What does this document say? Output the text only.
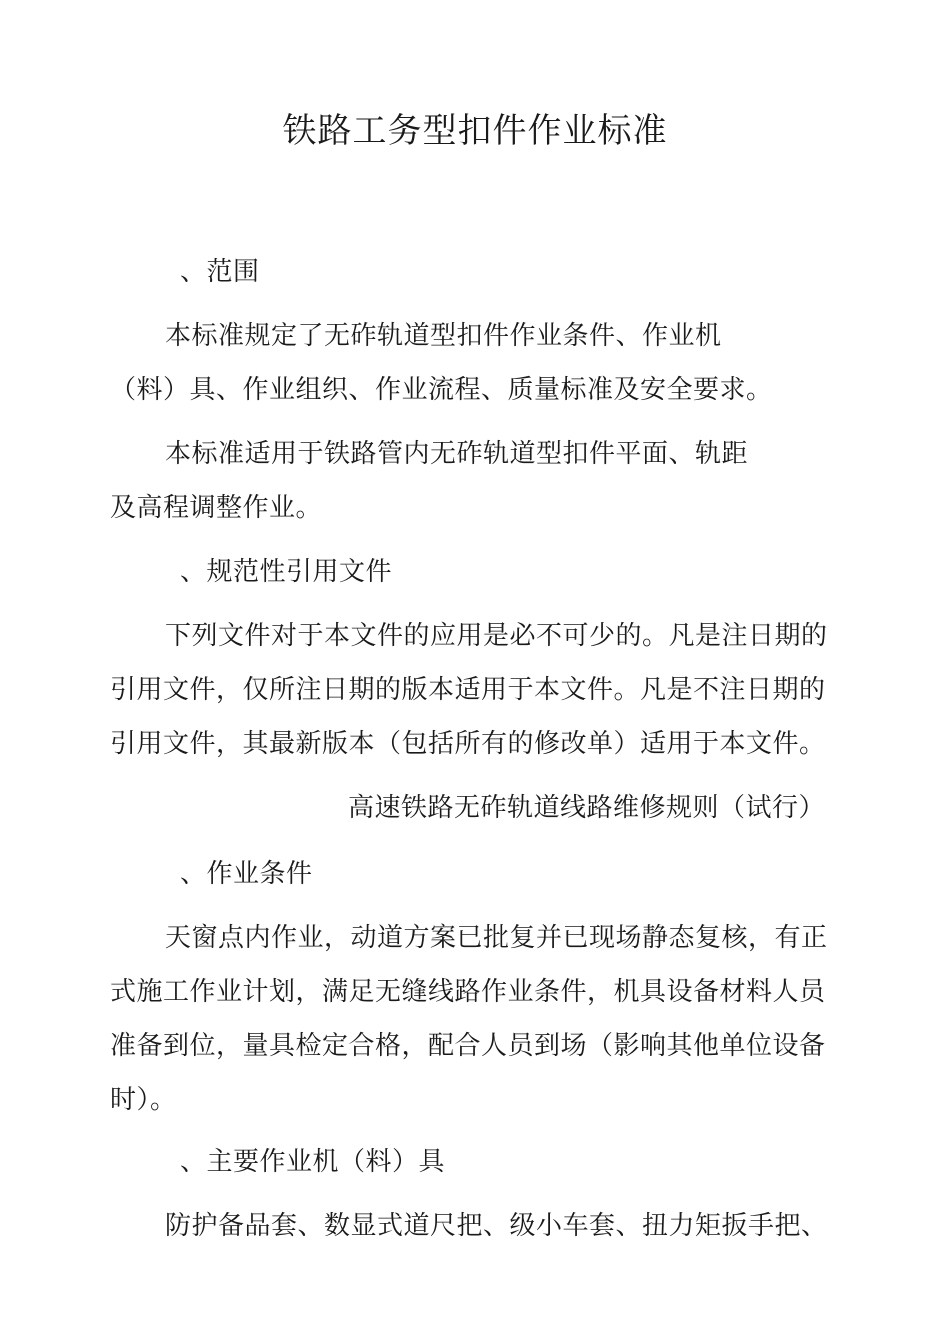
铁路工务型扣件作业标准
、范围
本标准规定了无砟轨道型扣件作业条件、作业机
（料）具、作业组织、作业流程、质量标准及安全要求。
本标准适用于铁路管内无砟轨道型扣件平面、轨距
及高程调整作业。
、规范性引用文件
下列文件对于本文件的应用是必不可少的。凡是注日期的
引用文件，仅所注日期的版本适用于本文件。凡是不注日期的
引用文件，其最新版本（包括所有的修改单）适用于本文件。
高速铁路无砟轨道线路维修规则（试行）
、作业条件
天窗点内作业，动道方案已批复并已现场静态复核，有正
式施工作业计划，满足无缝线路作业条件，机具设备材料人员
准备到位，量具检定合格，配合人员到场（影响其他单位设备
时）。
、主要作业机（料）具
防护备品套、数显式道尺把、级小车套、扭力矩扳手把、
